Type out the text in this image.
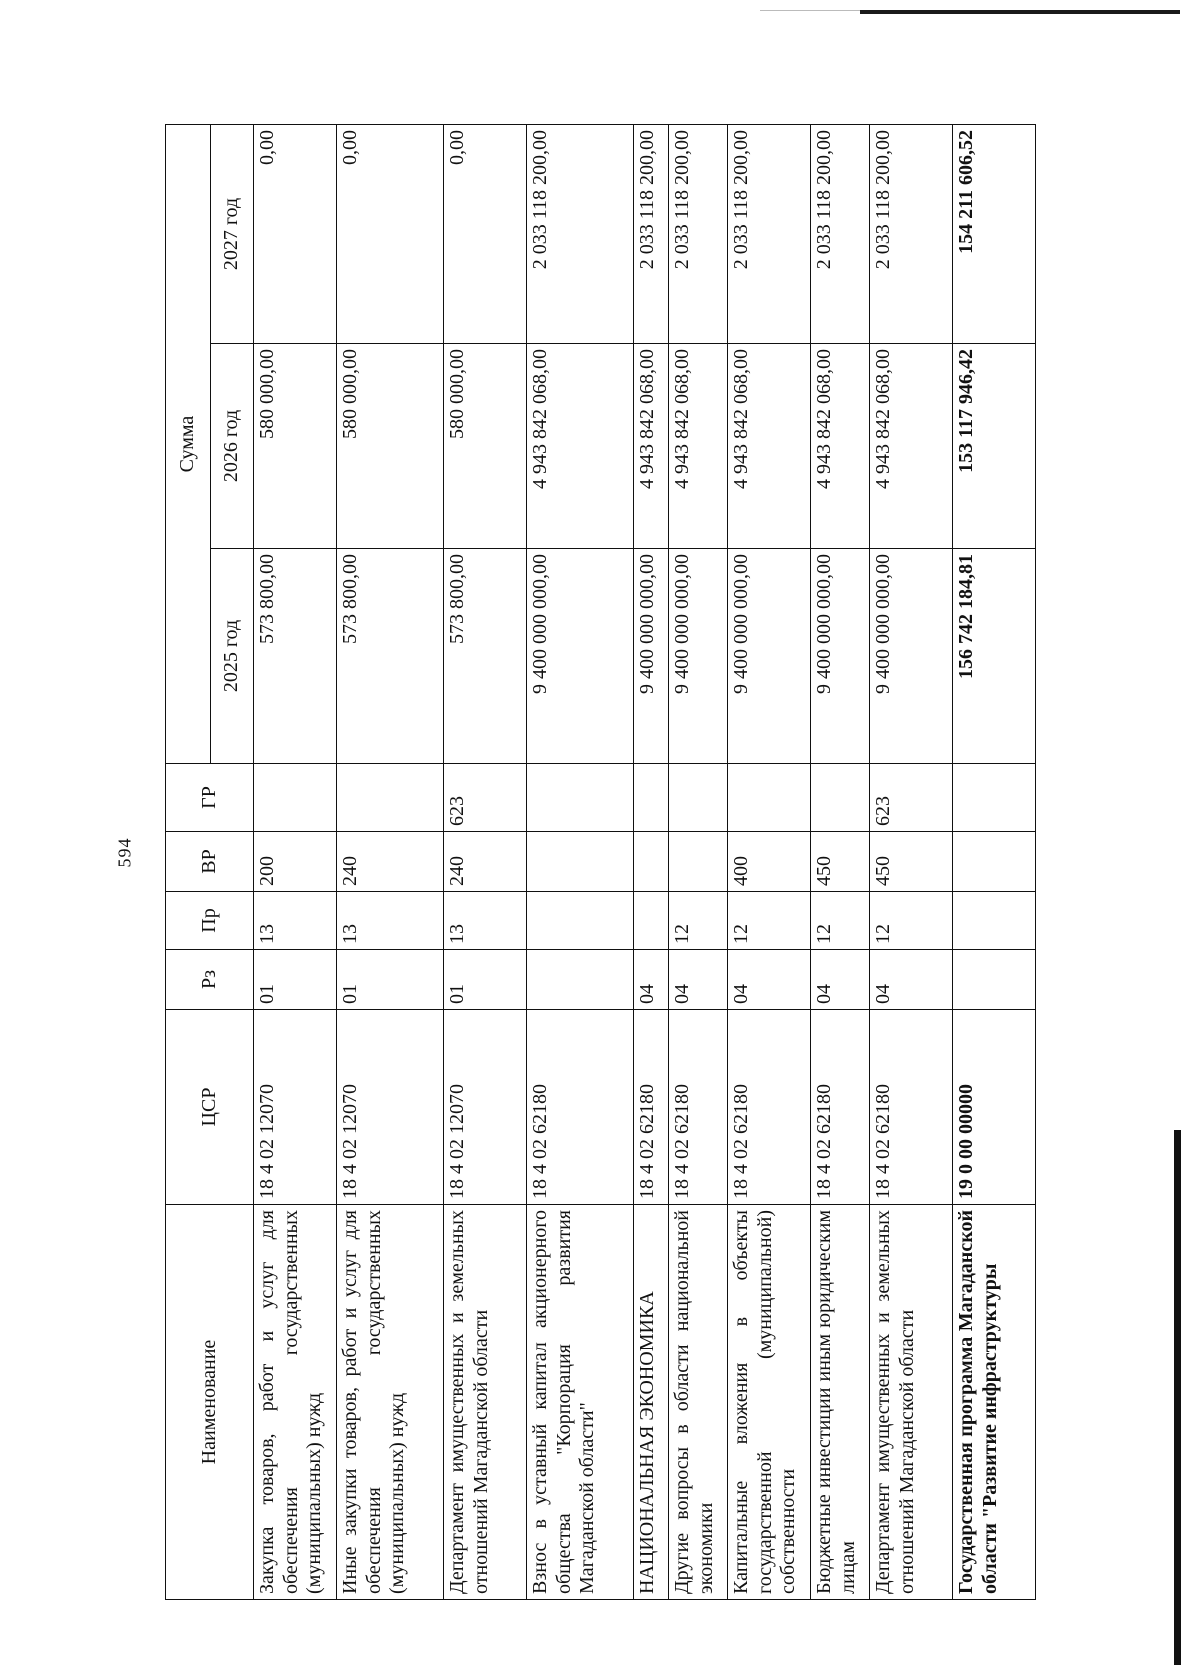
594
Наименование	ЦСР	Рз	Пр	ВР	ГР	Сумма		
						2025 год	2026 год	2027 год
Закупка товаров, работ и услуг для обеспечения государственных (муниципальных) нужд	18 4 02 12070	01	13	200		573 800,00	580 000,00	0,00
Иные закупки товаров, работ и услуг для обеспечения государственных (муниципальных) нужд	18 4 02 12070	01	13	240		573 800,00	580 000,00	0,00
Департамент имущественных и земельных отношений Магаданской области	18 4 02 12070	01	13	240	623	573 800,00	580 000,00	0,00
Взнос в уставный капитал акционерного общества "Корпорация развития Магаданской области"	18 4 02 62180					9 400 000 000,00	4 943 842 068,00	2 033 118 200,00
НАЦИОНАЛЬНАЯ ЭКОНОМИКА	18 4 02 62180	04				9 400 000 000,00	4 943 842 068,00	2 033 118 200,00
Другие вопросы в области национальной экономики	18 4 02 62180	04	12			9 400 000 000,00	4 943 842 068,00	2 033 118 200,00
Капитальные вложения в объекты государственной (муниципальной) собственности	18 4 02 62180	04	12	400		9 400 000 000,00	4 943 842 068,00	2 033 118 200,00
Бюджетные инвестиции иным юридическим лицам	18 4 02 62180	04	12	450		9 400 000 000,00	4 943 842 068,00	2 033 118 200,00
Департамент имущественных и земельных отношений Магаданской области	18 4 02 62180	04	12	450	623	9 400 000 000,00	4 943 842 068,00	2 033 118 200,00
Государственная программа Магаданской области "Развитие инфраструктуры	19 0 00 00000					156 742 184,81	153 117 946,42	154 211 606,52
